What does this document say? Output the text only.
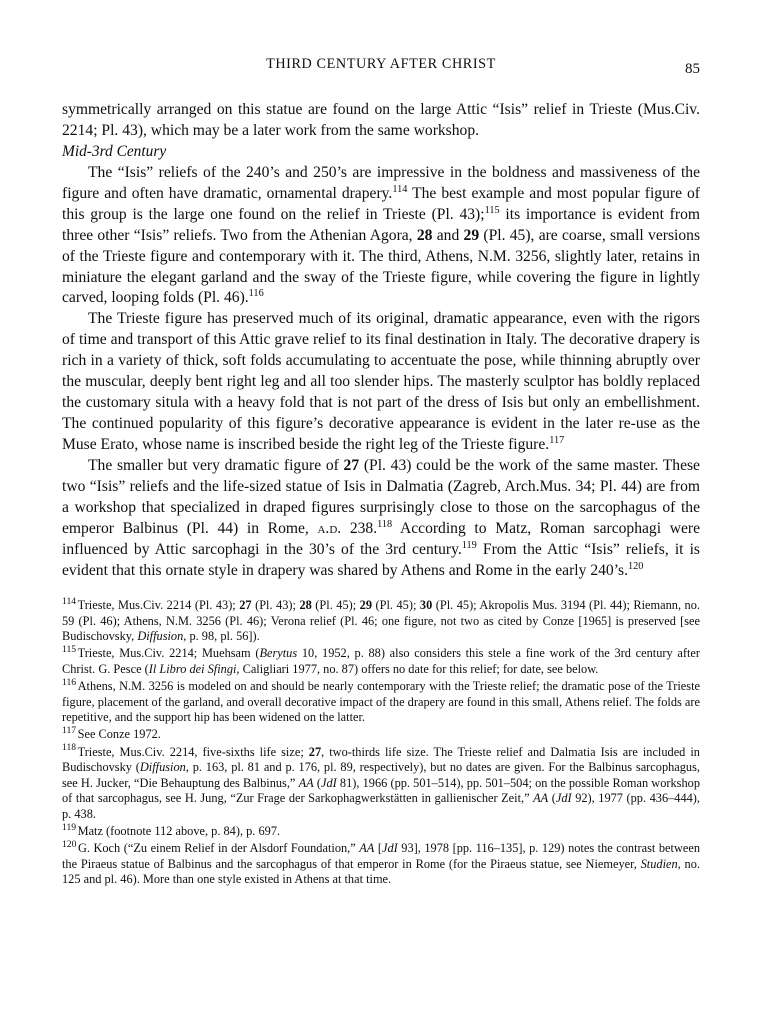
THIRD CENTURY AFTER CHRIST	85

symmetrically arranged on this statue are found on the large Attic “Isis” relief in Trieste (Mus.Civ. 2214; Pl. 43), which may be a later work from the same workshop.

Mid-3rd Century

The “Isis” reliefs of the 240’s and 250’s are impressive in the boldness and massiveness of the figure and often have dramatic, ornamental drapery.$^{114}$ The best example and most popular figure of this group is the large one found on the relief in Trieste (Pl. 43);$^{115}$ its importance is evident from three other “Isis” reliefs. Two from the Athenian Agora, 28 and 29 (Pl. 45), are coarse, small versions of the Trieste figure and contemporary with it. The third, Athens, N.M. 3256, slightly later, retains in miniature the elegant garland and the sway of the Trieste figure, while covering the figure in lightly carved, looping folds (Pl. 46).$^{116}$

The Trieste figure has preserved much of its original, dramatic appearance, even with the rigors of time and transport of this Attic grave relief to its final destination in Italy. The decorative drapery is rich in a variety of thick, soft folds accumulating to accentuate the pose, while thinning abruptly over the muscular, deeply bent right leg and all too slender hips. The masterly sculptor has boldly replaced the customary situla with a heavy fold that is not part of the dress of Isis but only an embellishment. The continued popularity of this figure’s decorative appearance is evident in the later re-use as the Muse Erato, whose name is inscribed beside the right leg of the Trieste figure.$^{117}$

The smaller but very dramatic figure of 27 (Pl. 43) could be the work of the same master. These two “Isis” reliefs and the life-sized statue of Isis in Dalmatia (Zagreb, Arch.Mus. 34; Pl. 44) are from a workshop that specialized in draped figures surprisingly close to those on the sarcophagus of the emperor Balbinus (Pl. 44) in Rome, a.d. 238.$^{118}$ According to Matz, Roman sarcophagi were influenced by Attic sarcophagi in the 30’s of the 3rd century.$^{119}$ From the Attic “Isis” reliefs, it is evident that this ornate style in drapery was shared by Athens and Rome in the early 240’s.$^{120}$

$^{114}$ Trieste, Mus.Civ. 2214 (Pl. 43); 27 (Pl. 43); 28 (Pl. 45); 29 (Pl. 45); 30 (Pl. 45); Akropolis Mus. 3194 (Pl. 44); Riemann, no. 59 (Pl. 46); Athens, N.M. 3256 (Pl. 46); Verona relief (Pl. 46; one figure, not two as cited by Conze [1965] is preserved [see Budischovsky, Diffusion, p. 98, pl. 56]).

$^{115}$ Trieste, Mus.Civ. 2214; Muehsam (Berytus 10, 1952, p. 88) also considers this stele a fine work of the 3rd century after Christ. G. Pesce (Il Libro dei Sfingi, Caligliari 1977, no. 87) offers no date for this relief; for date, see below.

$^{116}$ Athens, N.M. 3256 is modeled on and should be nearly contemporary with the Trieste relief; the dramatic pose of the Trieste figure, placement of the garland, and overall decorative impact of the drapery are found in this small, Athens relief. The folds are repetitive, and the support hip has been widened on the latter.

$^{117}$ See Conze 1972.

$^{118}$ Trieste, Mus.Civ. 2214, five-sixths life size; 27, two-thirds life size. The Trieste relief and Dalmatia Isis are included in Budischovsky (Diffusion, p. 163, pl. 81 and p. 176, pl. 89, respectively), but no dates are given. For the Balbinus sarcophagus, see H. Jucker, “Die Behauptung des Balbinus,” AA (JdI 81), 1966 (pp. 501–514), pp. 501–504; on the possible Roman workshop of that sarcophagus, see H. Jung, “Zur Frage der Sarkophagwerkstätten in gallienischer Zeit,” AA (JdI 92), 1977 (pp. 436–444), p. 438.

$^{119}$ Matz (footnote 112 above, p. 84), p. 697.

$^{120}$ G. Koch (“Zu einem Relief in der Alsdorf Foundation,” AA [JdI 93], 1978 [pp. 116–135], p. 129) notes the contrast between the Piraeus statue of Balbinus and the sarcophagus of that emperor in Rome (for the Piraeus statue, see Niemeyer, Studien, no. 125 and pl. 46). More than one style existed in Athens at that time.
